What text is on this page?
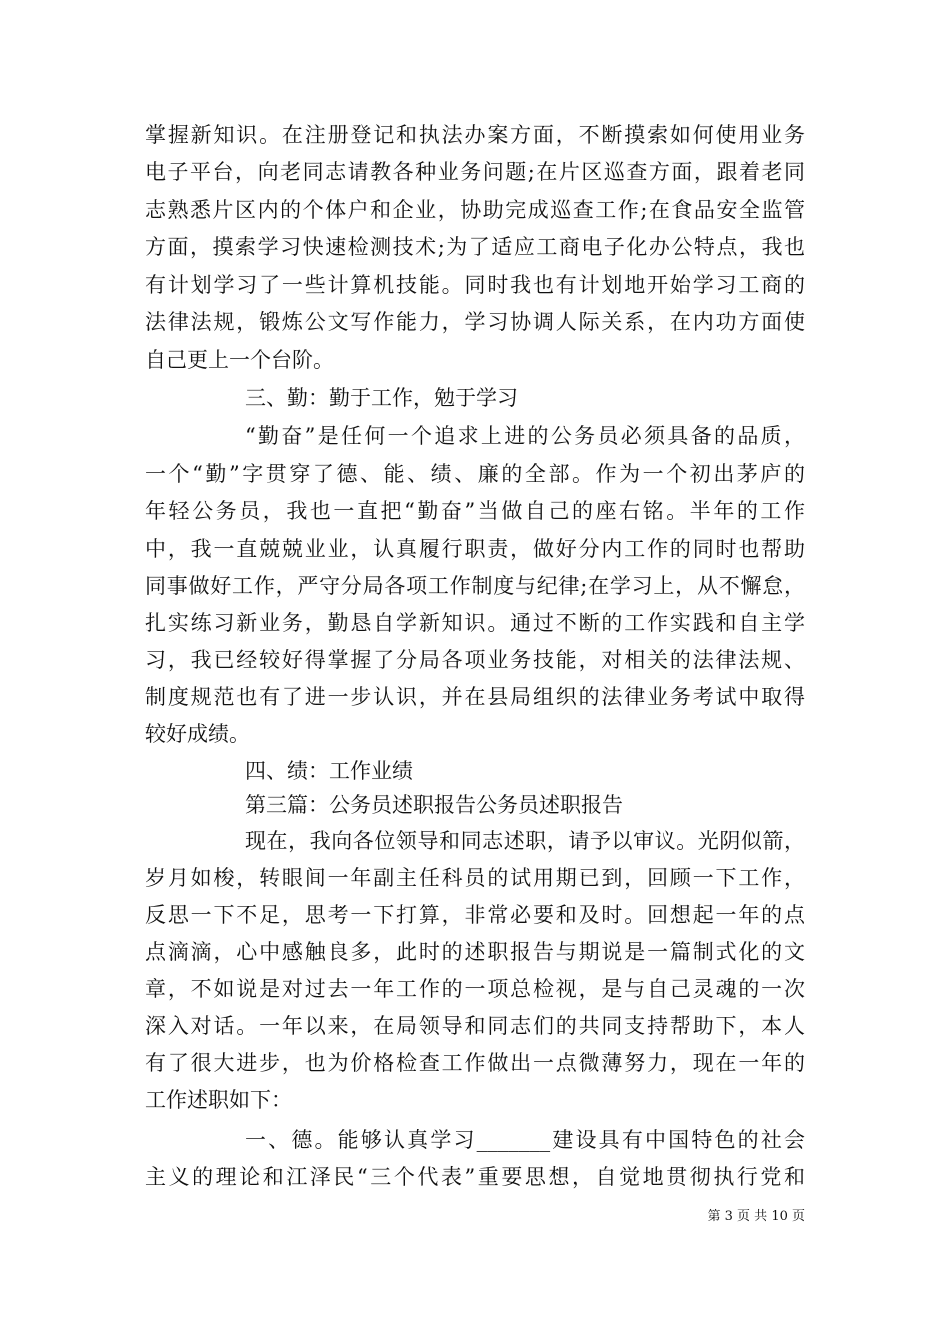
掌握新知识。在注册登记和执法办案方面，不断摸索如何使用业务
电子平台，向老同志请教各种业务问题;在片区巡查方面，跟着老同
志熟悉片区内的个体户和企业，协助完成巡查工作;在食品安全监管
方面，摸索学习快速检测技术;为了适应工商电子化办公特点，我也
有计划学习了一些计算机技能。同时我也有计划地开始学习工商的
法律法规，锻炼公文写作能力，学习协调人际关系，在内功方面使
自己更上一个台阶。
三、勤：勤于工作，勉于学习
“勤奋”是任何一个追求上进的公务员必须具备的品质，
一个“勤”字贯穿了德、能、绩、廉的全部。作为一个初出茅庐的
年轻公务员，我也一直把“勤奋”当做自己的座右铭。半年的工作
中，我一直兢兢业业，认真履行职责，做好分内工作的同时也帮助
同事做好工作，严守分局各项工作制度与纪律;在学习上，从不懈怠，
扎实练习新业务，勤恳自学新知识。通过不断的工作实践和自主学
习，我已经较好得掌握了分局各项业务技能，对相关的法律法规、
制度规范也有了进一步认识，并在县局组织的法律业务考试中取得
较好成绩。
四、绩：工作业绩
第三篇：公务员述职报告公务员述职报告
现在，我向各位领导和同志述职，请予以审议。光阴似箭，
岁月如梭，转眼间一年副主任科员的试用期已到，回顾一下工作，
反思一下不足，思考一下打算，非常必要和及时。回想起一年的点
点滴滴，心中感触良多，此时的述职报告与期说是一篇制式化的文
章，不如说是对过去一年工作的一项总检视，是与自己灵魂的一次
深入对话。一年以来，在局领导和同志们的共同支持帮助下，本人
有了很大进步，也为价格检查工作做出一点微薄努力，现在一年的
工作述职如下：
一、德。能够认真学习_______建设具有中国特色的社会
主义的理论和江泽民“三个代表”重要思想，自觉地贯彻执行党和
第 3 页 共 10 页
